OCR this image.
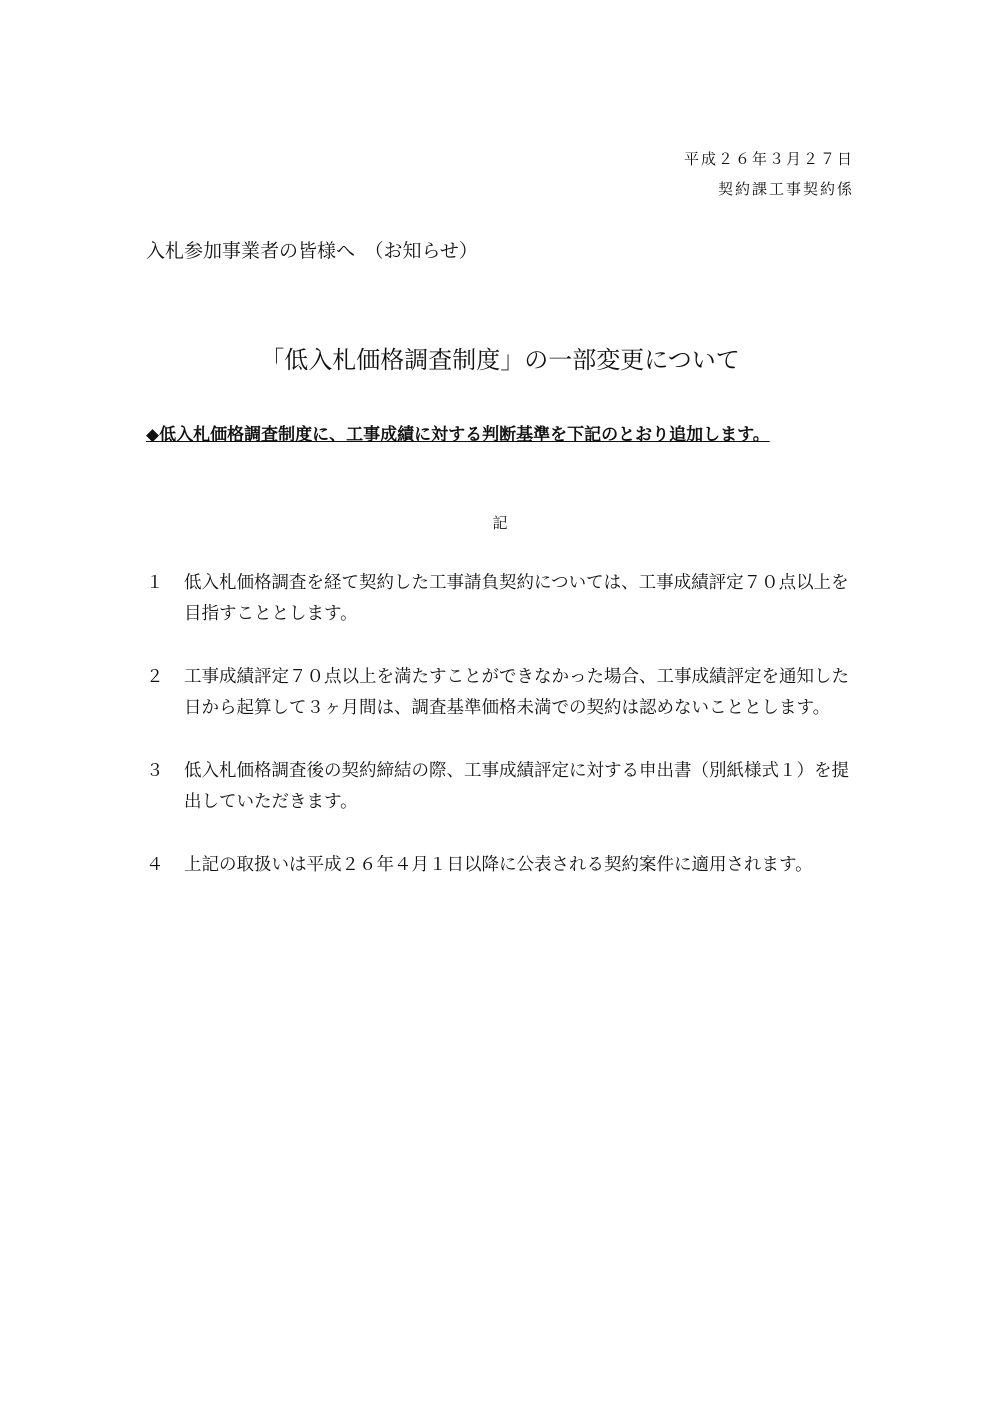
平成２６年３月２７日
契約課工事契約係
入札参加事業者の皆様へ　（お知らせ）
「低入札価格調査制度」の一部変更について
◆低入札価格調査制度に、工事成績に対する判断基準を下記のとおり追加します。
記
１	低入札価格調査を経て契約した工事請負契約については、工事成績評定７０点以上を目指すこととします。
２	工事成績評定７０点以上を満たすことができなかった場合、工事成績評定を通知した日から起算して３ヶ月間は、調査基準価格未満での契約は認めないこととします。
３	低入札価格調査後の契約締結の際、工事成績評定に対する申出書（別紙様式１）を提出していただきます。
４	上記の取扱いは平成２６年４月１日以降に公表される契約案件に適用されます。
